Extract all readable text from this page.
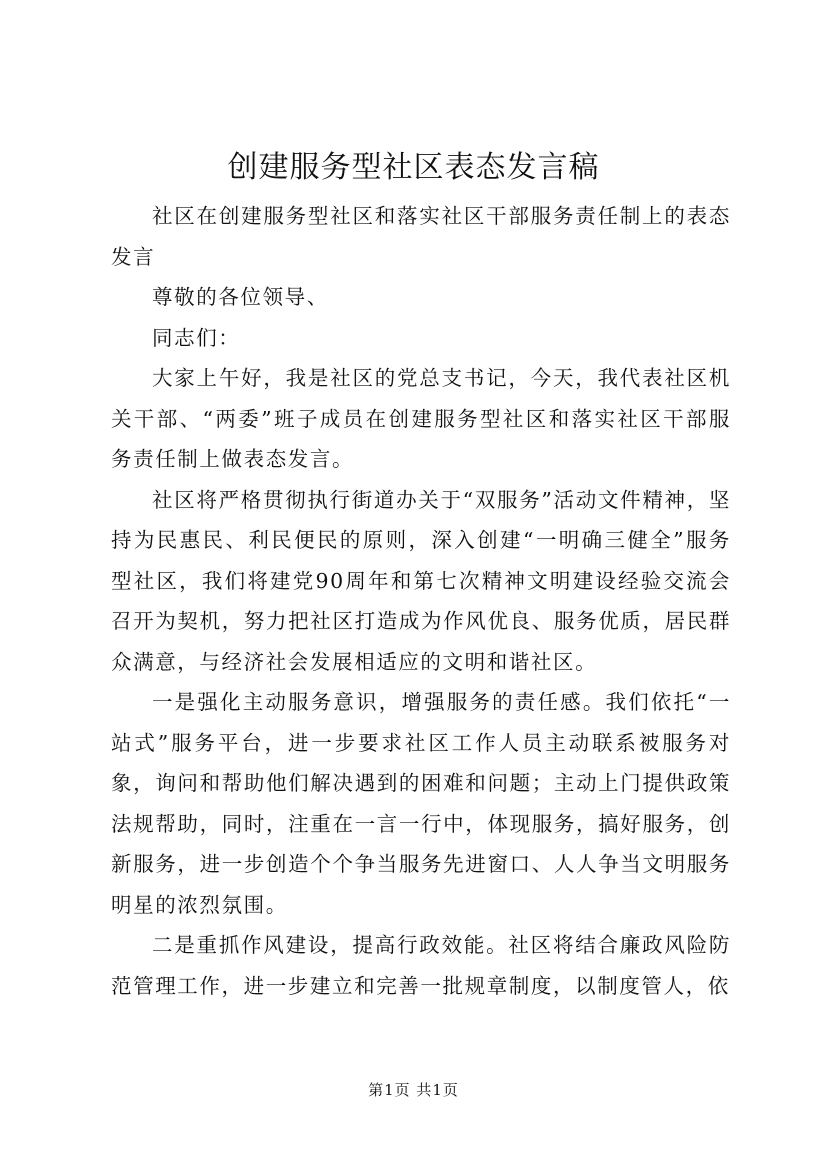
创建服务型社区表态发言稿

社区在创建服务型社区和落实社区干部服务责任制上的表态发言

尊敬的各位领导、

同志们：

大家上午好，我是社区的党总支书记，今天，我代表社区机关干部、“两委”班子成员在创建服务型社区和落实社区干部服务责任制上做表态发言。

社区将严格贯彻执行街道办关于“双服务”活动文件精神，坚持为民惠民、利民便民的原则，深入创建“一明确三健全”服务型社区，我们将建党90周年和第七次精神文明建设经验交流会召开为契机，努力把社区打造成为作风优良、服务优质，居民群众满意，与经济社会发展相适应的文明和谐社区。

一是强化主动服务意识，增强服务的责任感。我们依托“一站式”服务平台，进一步要求社区工作人员主动联系被服务对象，询问和帮助他们解决遇到的困难和问题；主动上门提供政策法规帮助，同时，注重在一言一行中，体现服务，搞好服务，创新服务，进一步创造个个争当服务先进窗口、人人争当文明服务明星的浓烈氛围。

二是重抓作风建设，提高行政效能。社区将结合廉政风险防范管理工作，进一步建立和完善一批规章制度，以制度管人，依

第1页 共1页
